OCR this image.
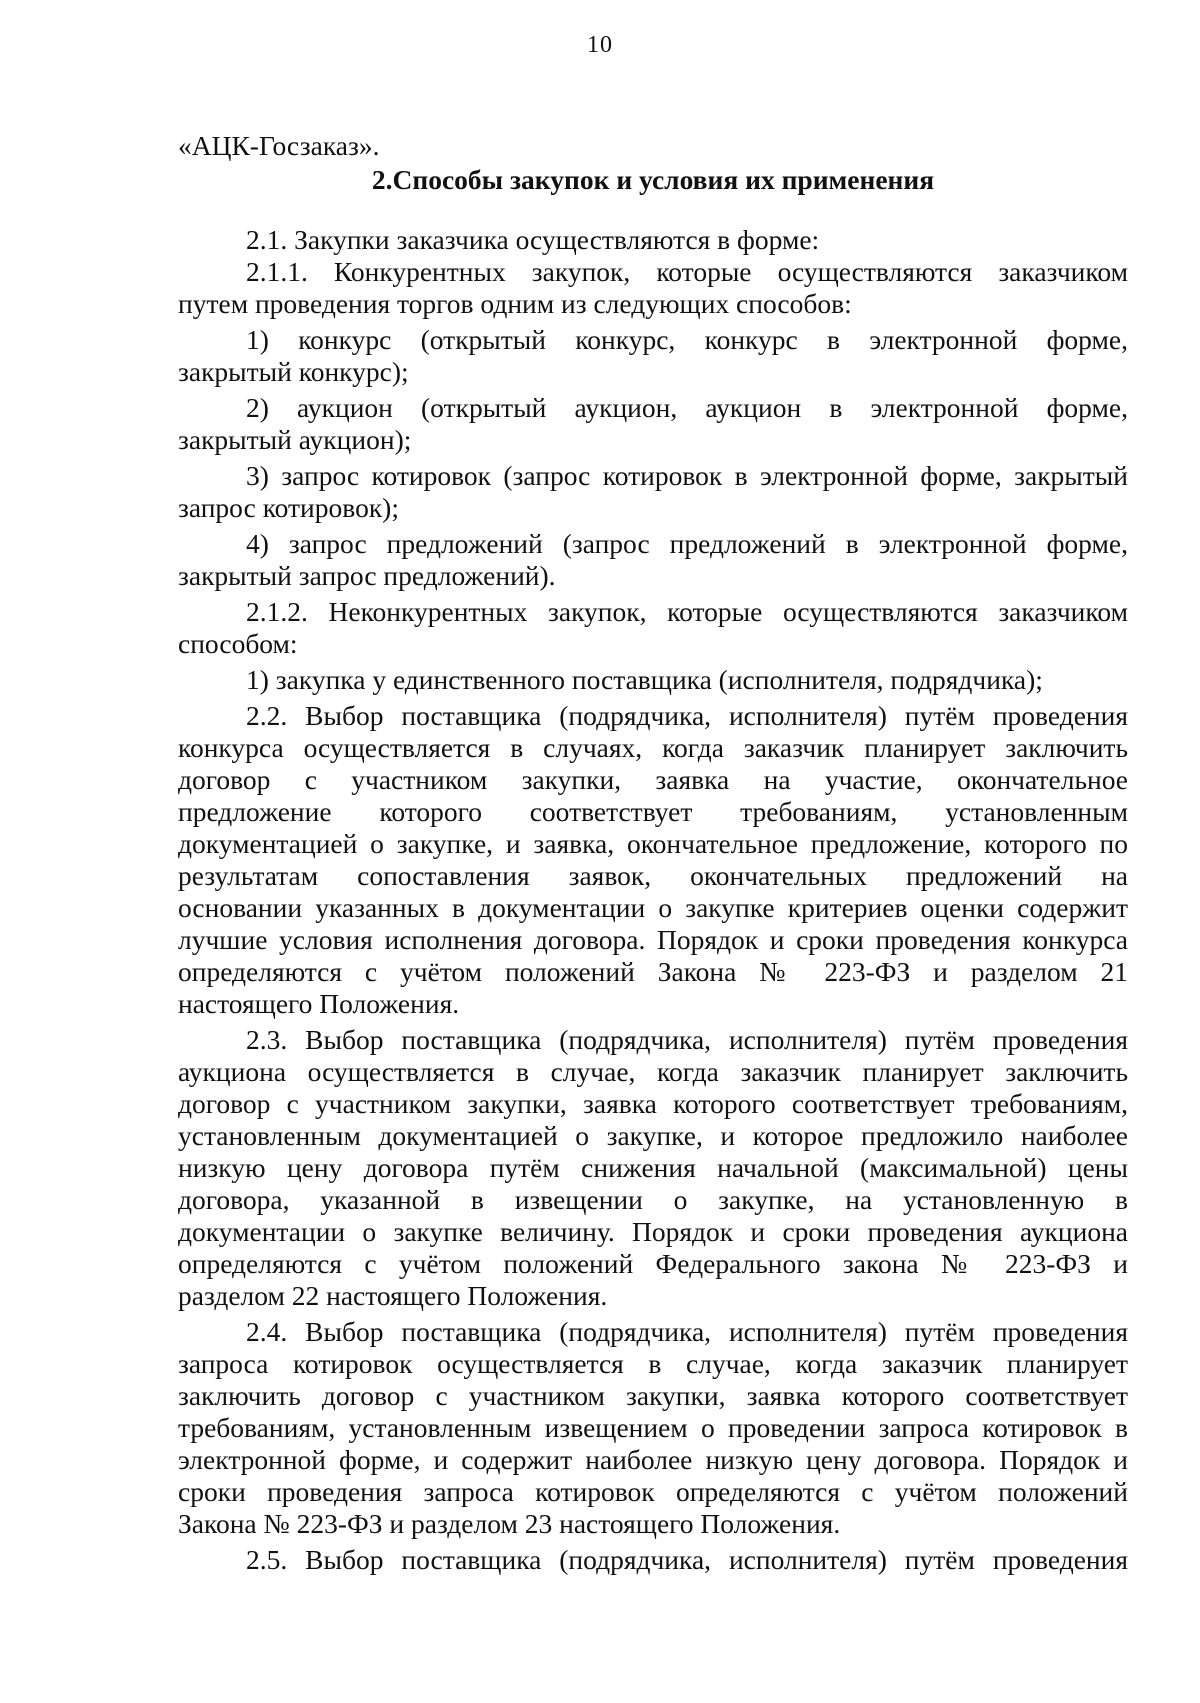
10
«АЦК-Госзаказ».
2.Способы закупок и условия их применения
2.1. Закупки заказчика осуществляются в форме:
2.1.1. Конкурентных закупок, которые осуществляются заказчиком
путем проведения торгов одним из следующих способов:
1) конкурс (открытый конкурс, конкурс в электронной форме,
закрытый конкурс);
2) аукцион (открытый аукцион, аукцион в электронной форме,
закрытый аукцион);
3) запрос котировок (запрос котировок в электронной форме, закрытый
запрос котировок);
4) запрос предложений (запрос предложений в электронной форме,
закрытый запрос предложений).
2.1.2. Неконкурентных закупок, которые осуществляются заказчиком
способом:
1) закупка у единственного поставщика (исполнителя, подрядчика);
2.2. Выбор поставщика (подрядчика, исполнителя) путём проведения
конкурса осуществляется в случаях, когда заказчик планирует заключить
договор с участником закупки, заявка на участие, окончательное
предложение которого соответствует требованиям, установленным
документацией о закупке, и заявка, окончательное предложение, которого по
результатам сопоставления заявок, окончательных предложений на
основании указанных в документации о закупке критериев оценки содержит
лучшие условия исполнения договора. Порядок и сроки проведения конкурса
определяются с учётом положений Закона № 223-ФЗ и разделом 21
настоящего Положения.
2.3. Выбор поставщика (подрядчика, исполнителя) путём проведения
аукциона осуществляется в случае, когда заказчик планирует заключить
договор с участником закупки, заявка которого соответствует требованиям,
установленным документацией о закупке, и которое предложило наиболее
низкую цену договора путём снижения начальной (максимальной) цены
договора, указанной в извещении о закупке, на установленную в
документации о закупке величину. Порядок и сроки проведения аукциона
определяются с учётом положений Федерального закона № 223-ФЗ и
разделом 22 настоящего Положения.
2.4. Выбор поставщика (подрядчика, исполнителя) путём проведения
запроса котировок осуществляется в случае, когда заказчик планирует
заключить договор с участником закупки, заявка которого соответствует
требованиям, установленным извещением о проведении запроса котировок в
электронной форме, и содержит наиболее низкую цену договора. Порядок и
сроки проведения запроса котировок определяются с учётом положений
Закона № 223-ФЗ и разделом 23 настоящего Положения.
2.5. Выбор поставщика (подрядчика, исполнителя) путём проведения
